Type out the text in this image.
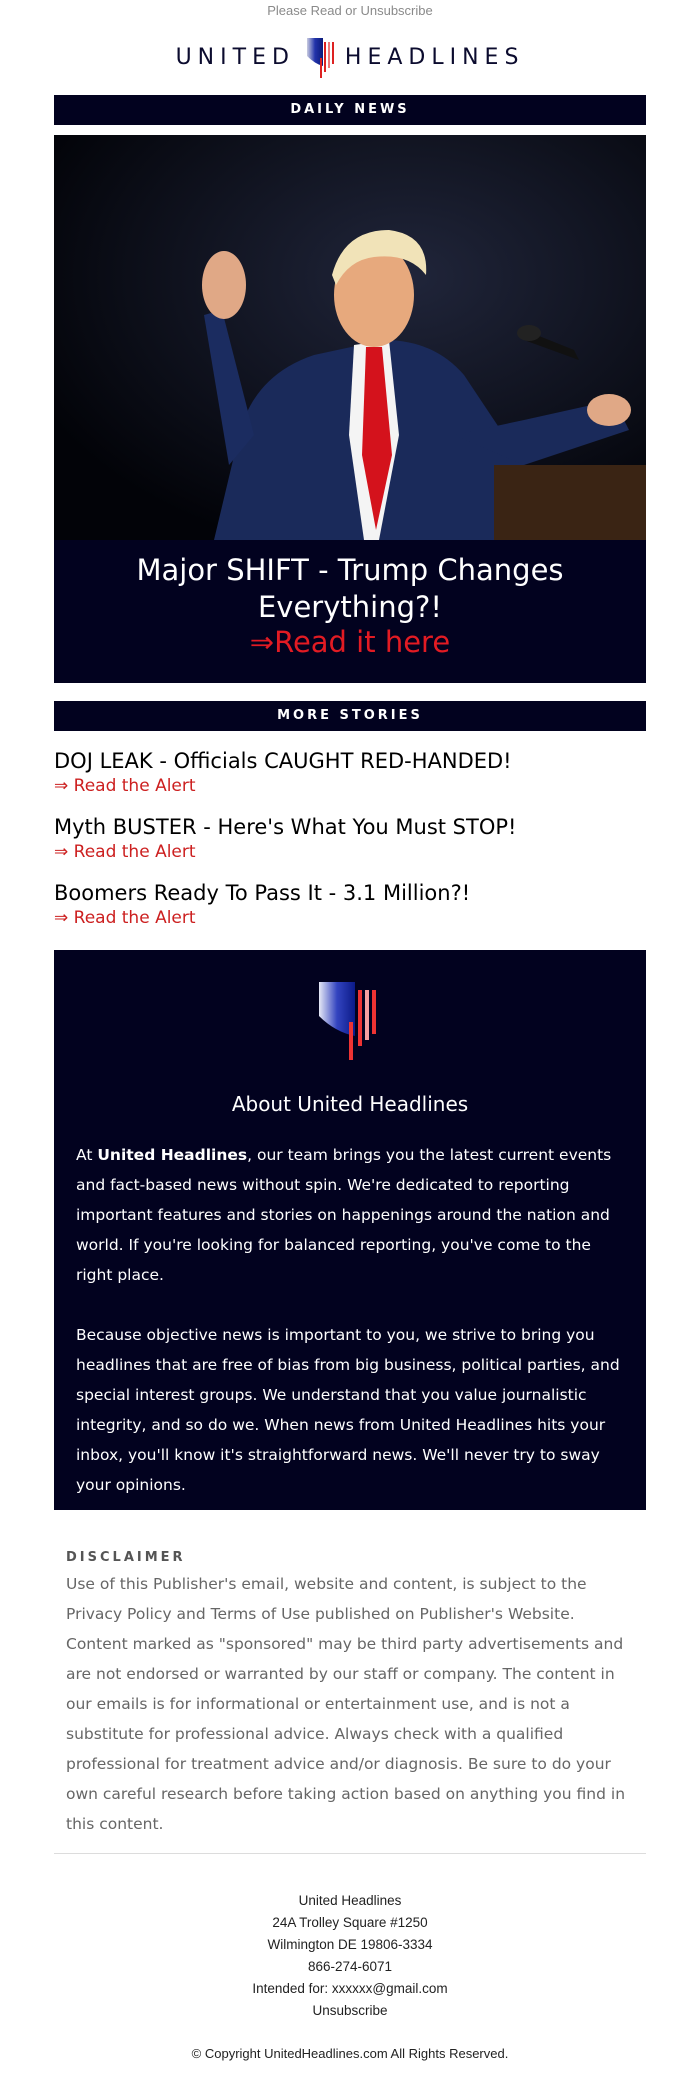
Please Read or Unsubscribe
UNITED HEADLINES
DAILY NEWS
Major SHIFT - Trump Changes Everything?!
⇒Read it here
MORE STORIES
DOJ LEAK - Officials CAUGHT RED-HANDED!
⇒ Read the Alert
Myth BUSTER - Here's What You Must STOP!
⇒ Read the Alert
Boomers Ready To Pass It - 3.1 Million?!
⇒ Read the Alert
About United Headlines

At United Headlines, our team brings you the latest current events and fact-based news without spin. We're dedicated to reporting important features and stories on happenings around the nation and world. If you're looking for balanced reporting, you've come to the right place.

Because objective news is important to you, we strive to bring you headlines that are free of bias from big business, political parties, and special interest groups. We understand that you value journalistic integrity, and so do we. When news from United Headlines hits your inbox, you'll know it's straightforward news. We'll never try to sway your opinions.

DISCLAIMER
Use of this Publisher's email, website and content, is subject to the Privacy Policy and Terms of Use published on Publisher's Website. Content marked as "sponsored" may be third party advertisements and are not endorsed or warranted by our staff or company. The content in our emails is for informational or entertainment use, and is not a substitute for professional advice. Always check with a qualified professional for treatment advice and/or diagnosis. Be sure to do your own careful research before taking action based on anything you find in this content.
United Headlines
24A Trolley Square #1250
Wilmington DE 19806-3334
866-274-6071
Intended for: xxxxxx@gmail.com
Unsubscribe
© Copyright UnitedHeadlines.com All Rights Reserved.
